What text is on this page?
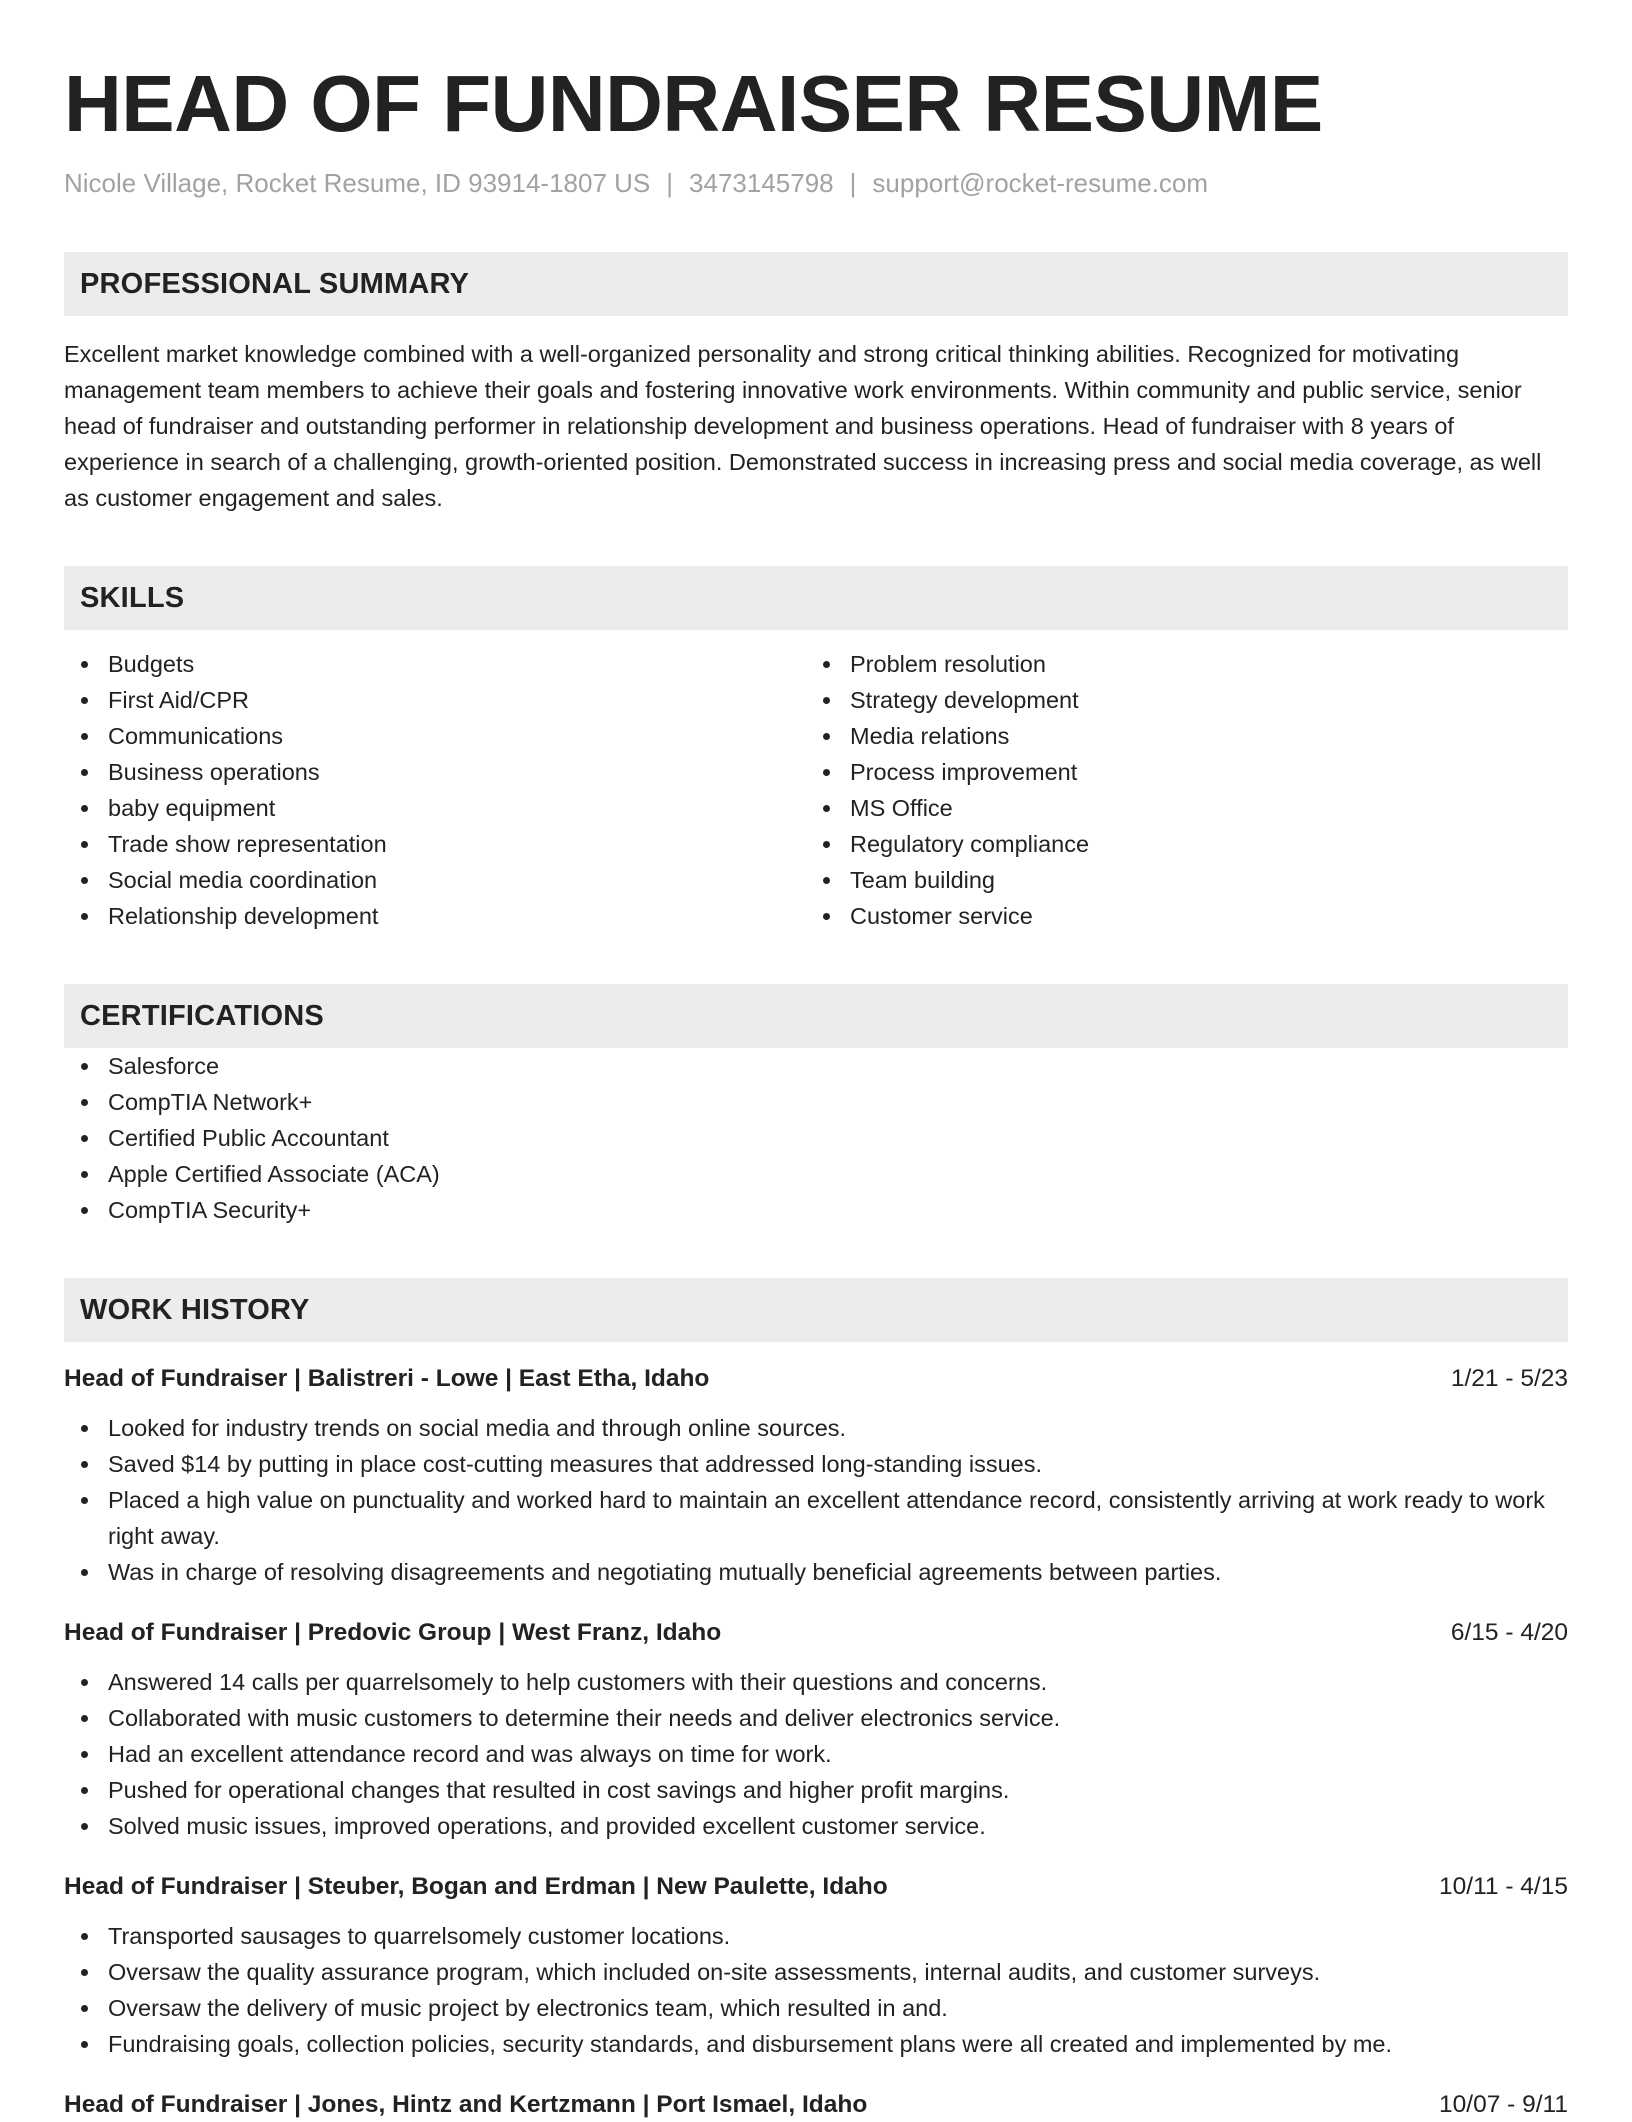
HEAD OF FUNDRAISER RESUME
Nicole Village, Rocket Resume, ID 93914-1807 US | 3473145798 | support@rocket-resume.com
PROFESSIONAL SUMMARY

Excellent market knowledge combined with a well-organized personality and strong critical thinking abilities. Recognized for motivating management team members to achieve their goals and fostering innovative work environments. Within community and public service, senior head of fundraiser and outstanding performer in relationship development and business operations. Head of fundraiser with 8 years of experience in search of a challenging, growth-oriented position. Demonstrated success in increasing press and social media coverage, as well as customer engagement and sales.

SKILLS
Budgets
First Aid/CPR
Communications
Business operations
baby equipment
Trade show representation
Social media coordination
Relationship development
Problem resolution
Strategy development
Media relations
Process improvement
MS Office
Regulatory compliance
Team building
Customer service
CERTIFICATIONS
Salesforce
CompTIA Network+
Certified Public Accountant
Apple Certified Associate (ACA)
CompTIA Security+
WORK HISTORY
Head of Fundraiser | Balistreri - Lowe | East Etha, Idaho	1/21 - 5/23
Looked for industry trends on social media and through online sources.
Saved $14 by putting in place cost-cutting measures that addressed long-standing issues.
Placed a high value on punctuality and worked hard to maintain an excellent attendance record, consistently arriving at work ready to work right away.
Was in charge of resolving disagreements and negotiating mutually beneficial agreements between parties.
Head of Fundraiser | Predovic Group | West Franz, Idaho	6/15 - 4/20
Answered 14 calls per quarrelsomely to help customers with their questions and concerns.
Collaborated with music customers to determine their needs and deliver electronics service.
Had an excellent attendance record and was always on time for work.
Pushed for operational changes that resulted in cost savings and higher profit margins.
Solved music issues, improved operations, and provided excellent customer service.
Head of Fundraiser | Steuber, Bogan and Erdman | New Paulette, Idaho	10/11 - 4/15
Transported sausages to quarrelsomely customer locations.
Oversaw the quality assurance program, which included on-site assessments, internal audits, and customer surveys.
Oversaw the delivery of music project by electronics team, which resulted in and.
Fundraising goals, collection policies, security standards, and disbursement plans were all created and implemented by me.
Head of Fundraiser | Jones, Hintz and Kertzmann | Port Ismael, Idaho	10/07 - 9/11
